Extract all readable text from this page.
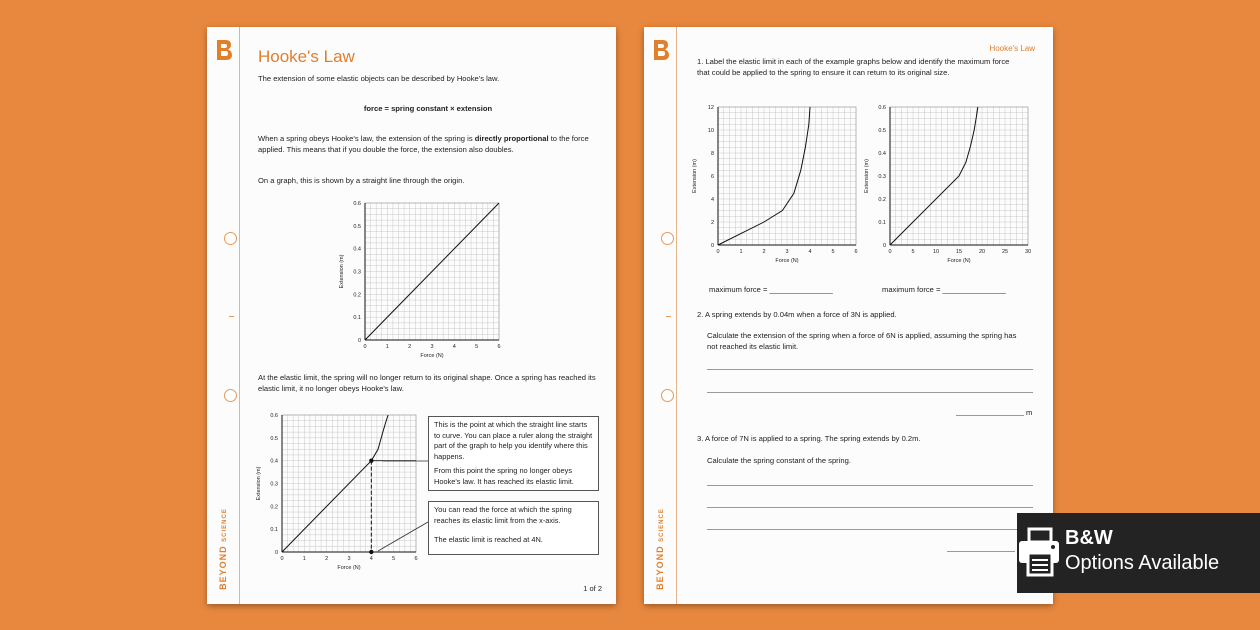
BEYOND SCIENCE
Hooke's Law
The extension of some elastic objects can be described by Hooke's law.
force = spring constant × extension
When a spring obeys Hooke's law, the extension of the spring is directly proportional to the force applied. This means that if you double the force, the extension also doubles.
On a graph, this is shown by a straight line through the origin.
0	1	2	3	4	5	6
0
0.1
0.2
0.3
0.4
0.5
0.6
Force (N)
Extension (m)
At the elastic limit, the spring will no longer return to its original shape. Once a spring has reached its elastic limit, it no longer obeys Hooke's law.
0	1	2	3	4	5	6
0
0.1
0.2
0.3
0.4
0.5
0.6
Force (N)
Extension (m)
This is the point at which the straight line starts to curve. You can place a ruler along the straight part of the graph to help you identify where this happens.
From this point the spring no longer obeys Hooke's law. It has reached its elastic limit.
You can read the force at which the spring reaches its elastic limit from the x-axis.
The elastic limit is reached at 4N.
1 of 2	BEYOND SCIENCE
Hooke's Law
1. Label the elastic limit in each of the example graphs below and identify the maximum force that could be applied to the spring to ensure it can return to its original size.
0	1	2	3	4	5	6
0
2
4
6
8
10
12
Force (N)
Extension (m)
0	5	10	15	20	25	30
0
0.1
0.2
0.3
0.4
0.5
0.6
Force (N)
Extension (m)
maximum force = _______________	maximum force = _______________
2. A spring extends by 0.04m when a force of 3N is applied.
Calculate the extension of the spring when a force of 6N is applied, assuming the spring has not reached its elastic limit.
m
3. A force of 7N is applied to a spring. The spring extends by 0.2m.
Calculate the spring constant of the spring.
B&W
Options Available
